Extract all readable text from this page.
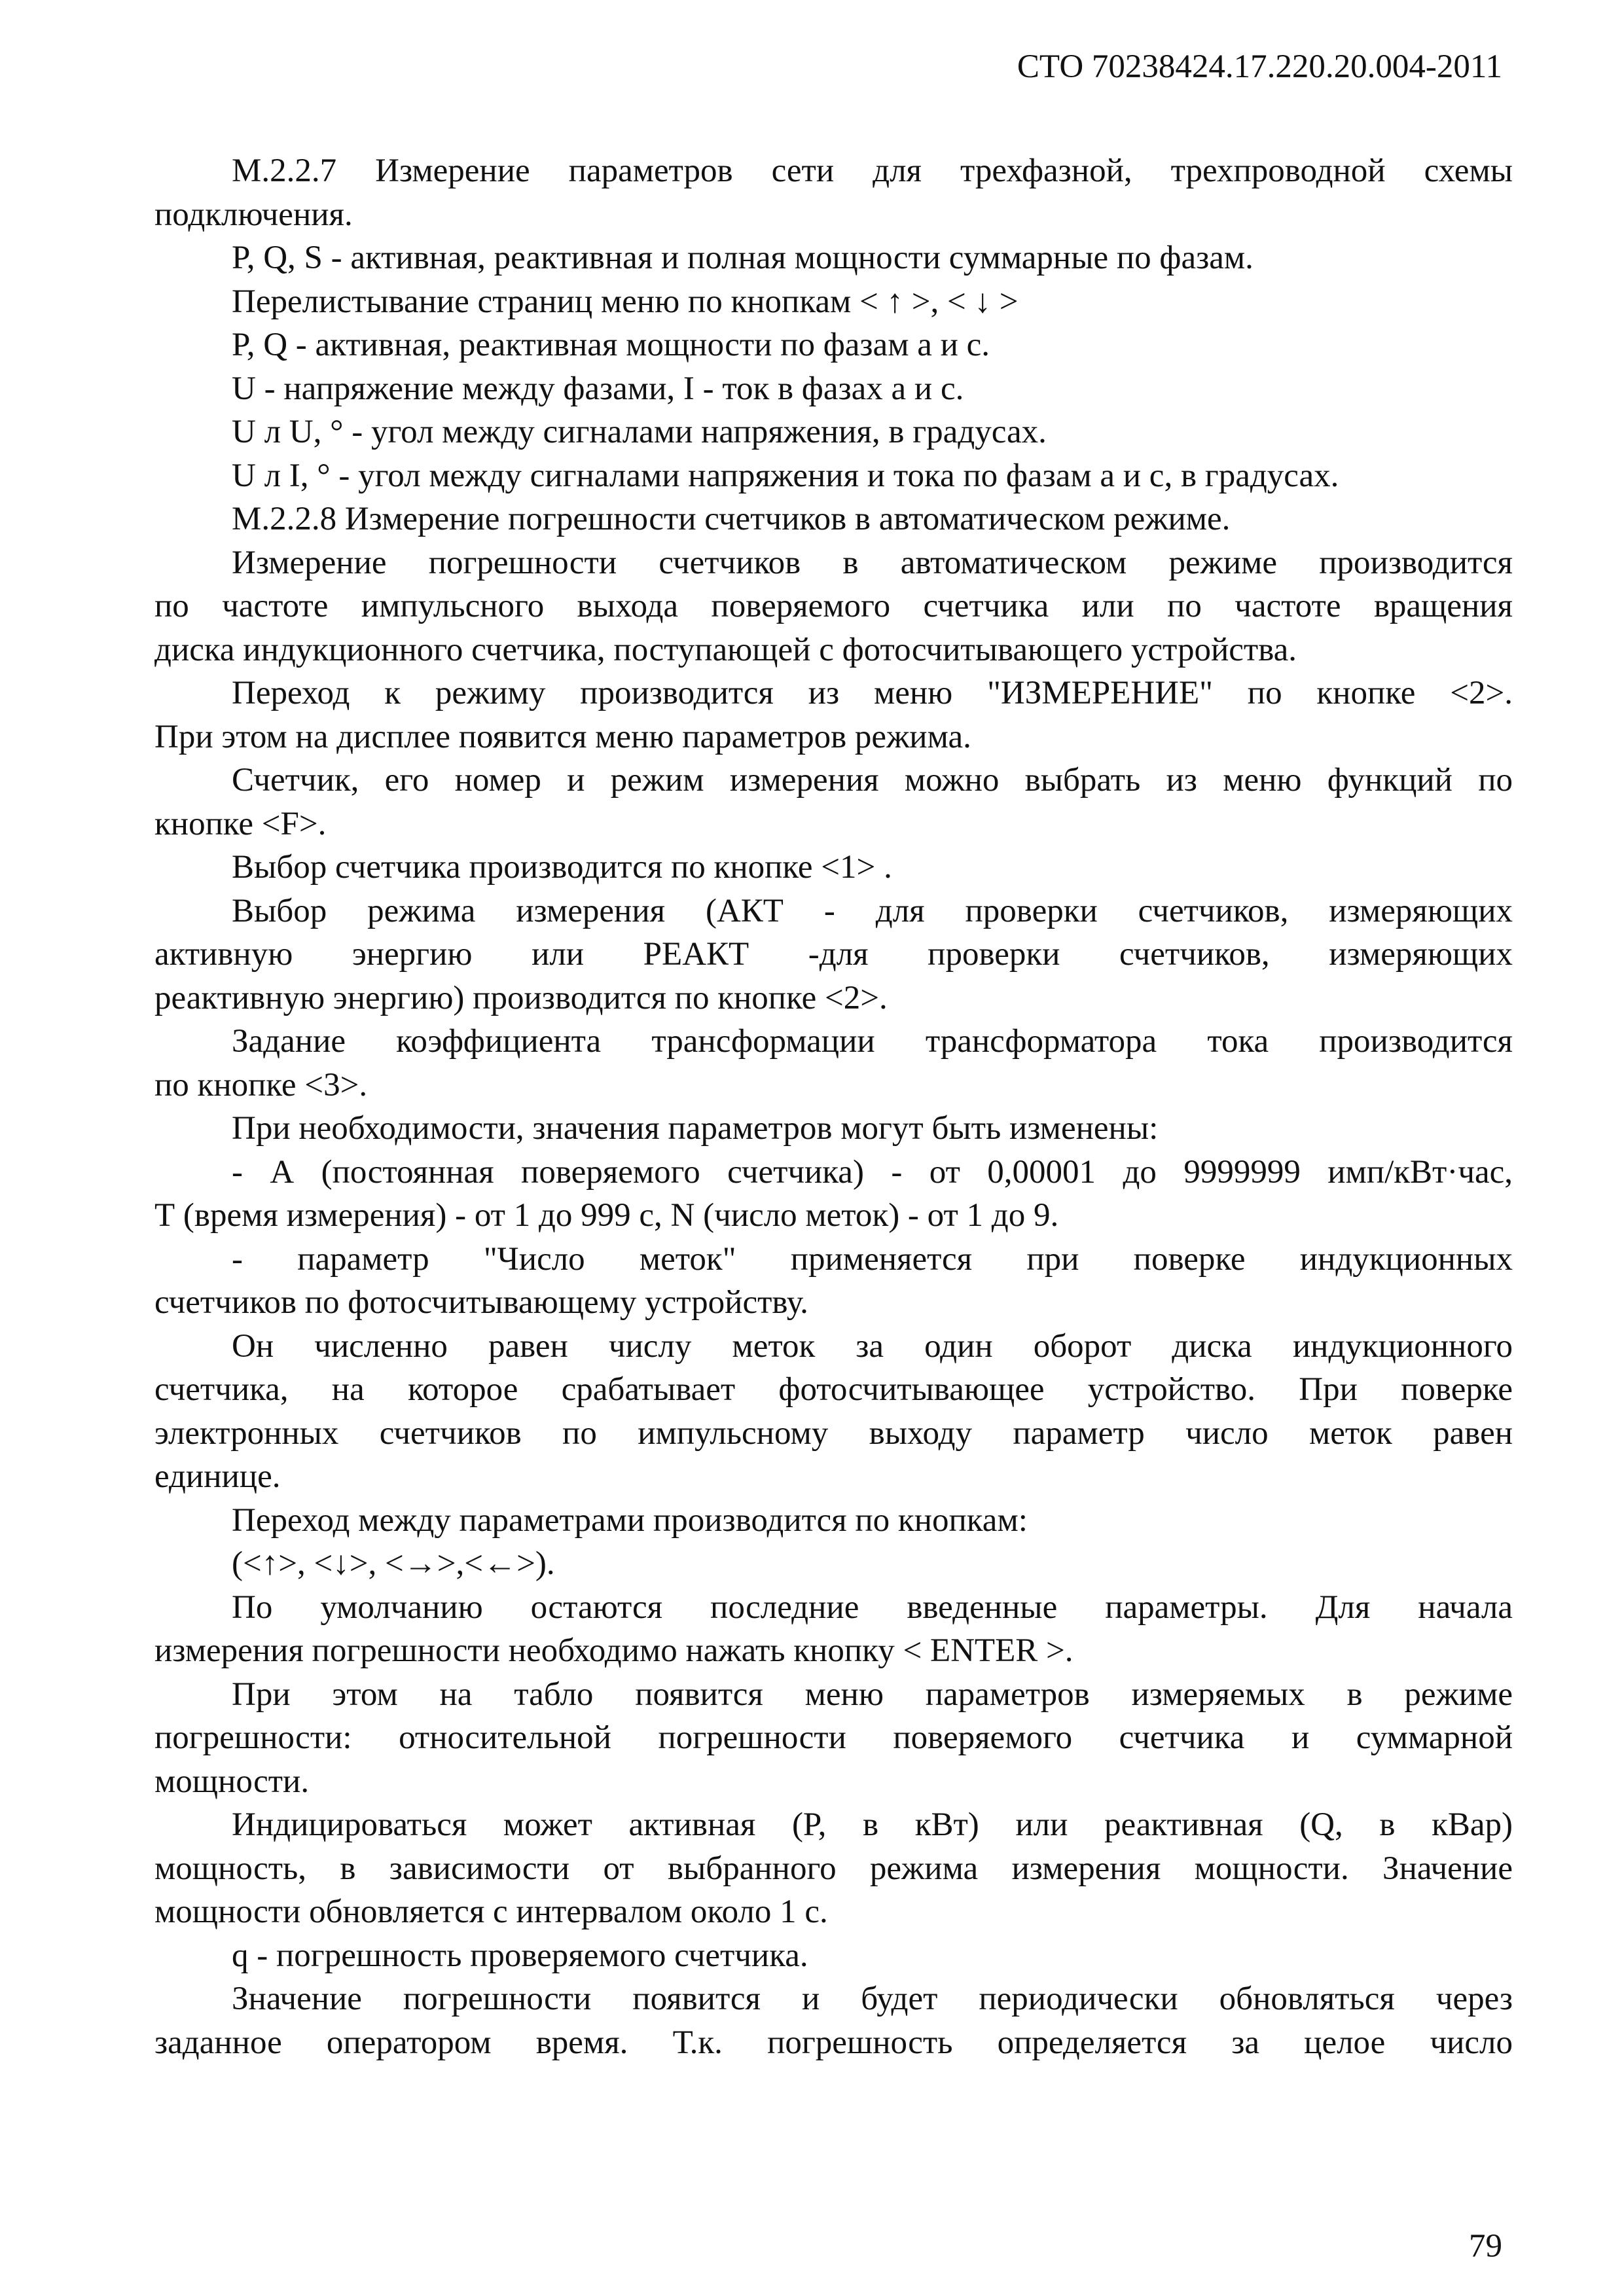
СТО 70238424.17.220.20.004-2011
М.2.2.7 Измерение параметров сети для трехфазной, трехпроводной схемы
подключения.
P, Q, S - активная, реактивная и полная мощности суммарные по фазам.
Перелистывание страниц меню по кнопкам < ↑ >, < ↓ >
P, Q - активная, реактивная мощности по фазам а и с.
U - напряжение между фазами, I - ток в фазах а и с.
U л U, ° - угол между сигналами напряжения, в градусах.
U л I, ° - угол между сигналами напряжения и тока по фазам а и с, в градусах.
М.2.2.8 Измерение погрешности счетчиков в автоматическом режиме.
Измерение погрешности счетчиков в автоматическом режиме производится
по частоте импульсного выхода поверяемого счетчика или по частоте вращения
диска индукционного счетчика, поступающей с фотосчитывающего устройства.
Переход к режиму производится из меню "ИЗМЕРЕНИЕ" по кнопке <2>.
При этом на дисплее появится меню параметров режима.
Счетчик, его номер и режим измерения можно выбрать из меню функций по
кнопке <F>.
Выбор счетчика производится по кнопке <1> .
Выбор режима измерения (АКТ - для проверки счетчиков, измеряющих
активную энергию или РЕАКТ -для проверки счетчиков, измеряющих
реактивную энергию) производится по кнопке <2>.
Задание коэффициента трансформации трансформатора тока производится
по кнопке <3>.
При необходимости, значения параметров могут быть изменены:
- А (постоянная поверяемого счетчика) - от 0,00001 до 9999999 имп/кВт·час,
Т (время измерения) - от 1 до 999 с, N (число меток) - от 1 до 9.
- параметр "Число меток" применяется при поверке индукционных
счетчиков по фотосчитывающему устройству.
Он численно равен числу меток за один оборот диска индукционного
счетчика, на которое срабатывает фотосчитывающее устройство. При поверке
электронных счетчиков по импульсному выходу параметр число меток равен
единице.
Переход между параметрами производится по кнопкам:
(<↑>, <↓>, <→>,<←>).
По умолчанию остаются последние введенные параметры. Для начала
измерения погрешности необходимо нажать кнопку < ENTER >.
При этом на табло появится меню параметров измеряемых в режиме
погрешности: относительной погрешности поверяемого счетчика и суммарной
мощности.
Индицироваться может активная (P, в кВт) или реактивная (Q, в кВар)
мощность, в зависимости от выбранного режима измерения мощности. Значение
мощности обновляется с интервалом около 1 с.
q - погрешность проверяемого счетчика.
Значение погрешности появится и будет периодически обновляться через
заданное оператором время. Т.к. погрешность определяется за целое число
79
